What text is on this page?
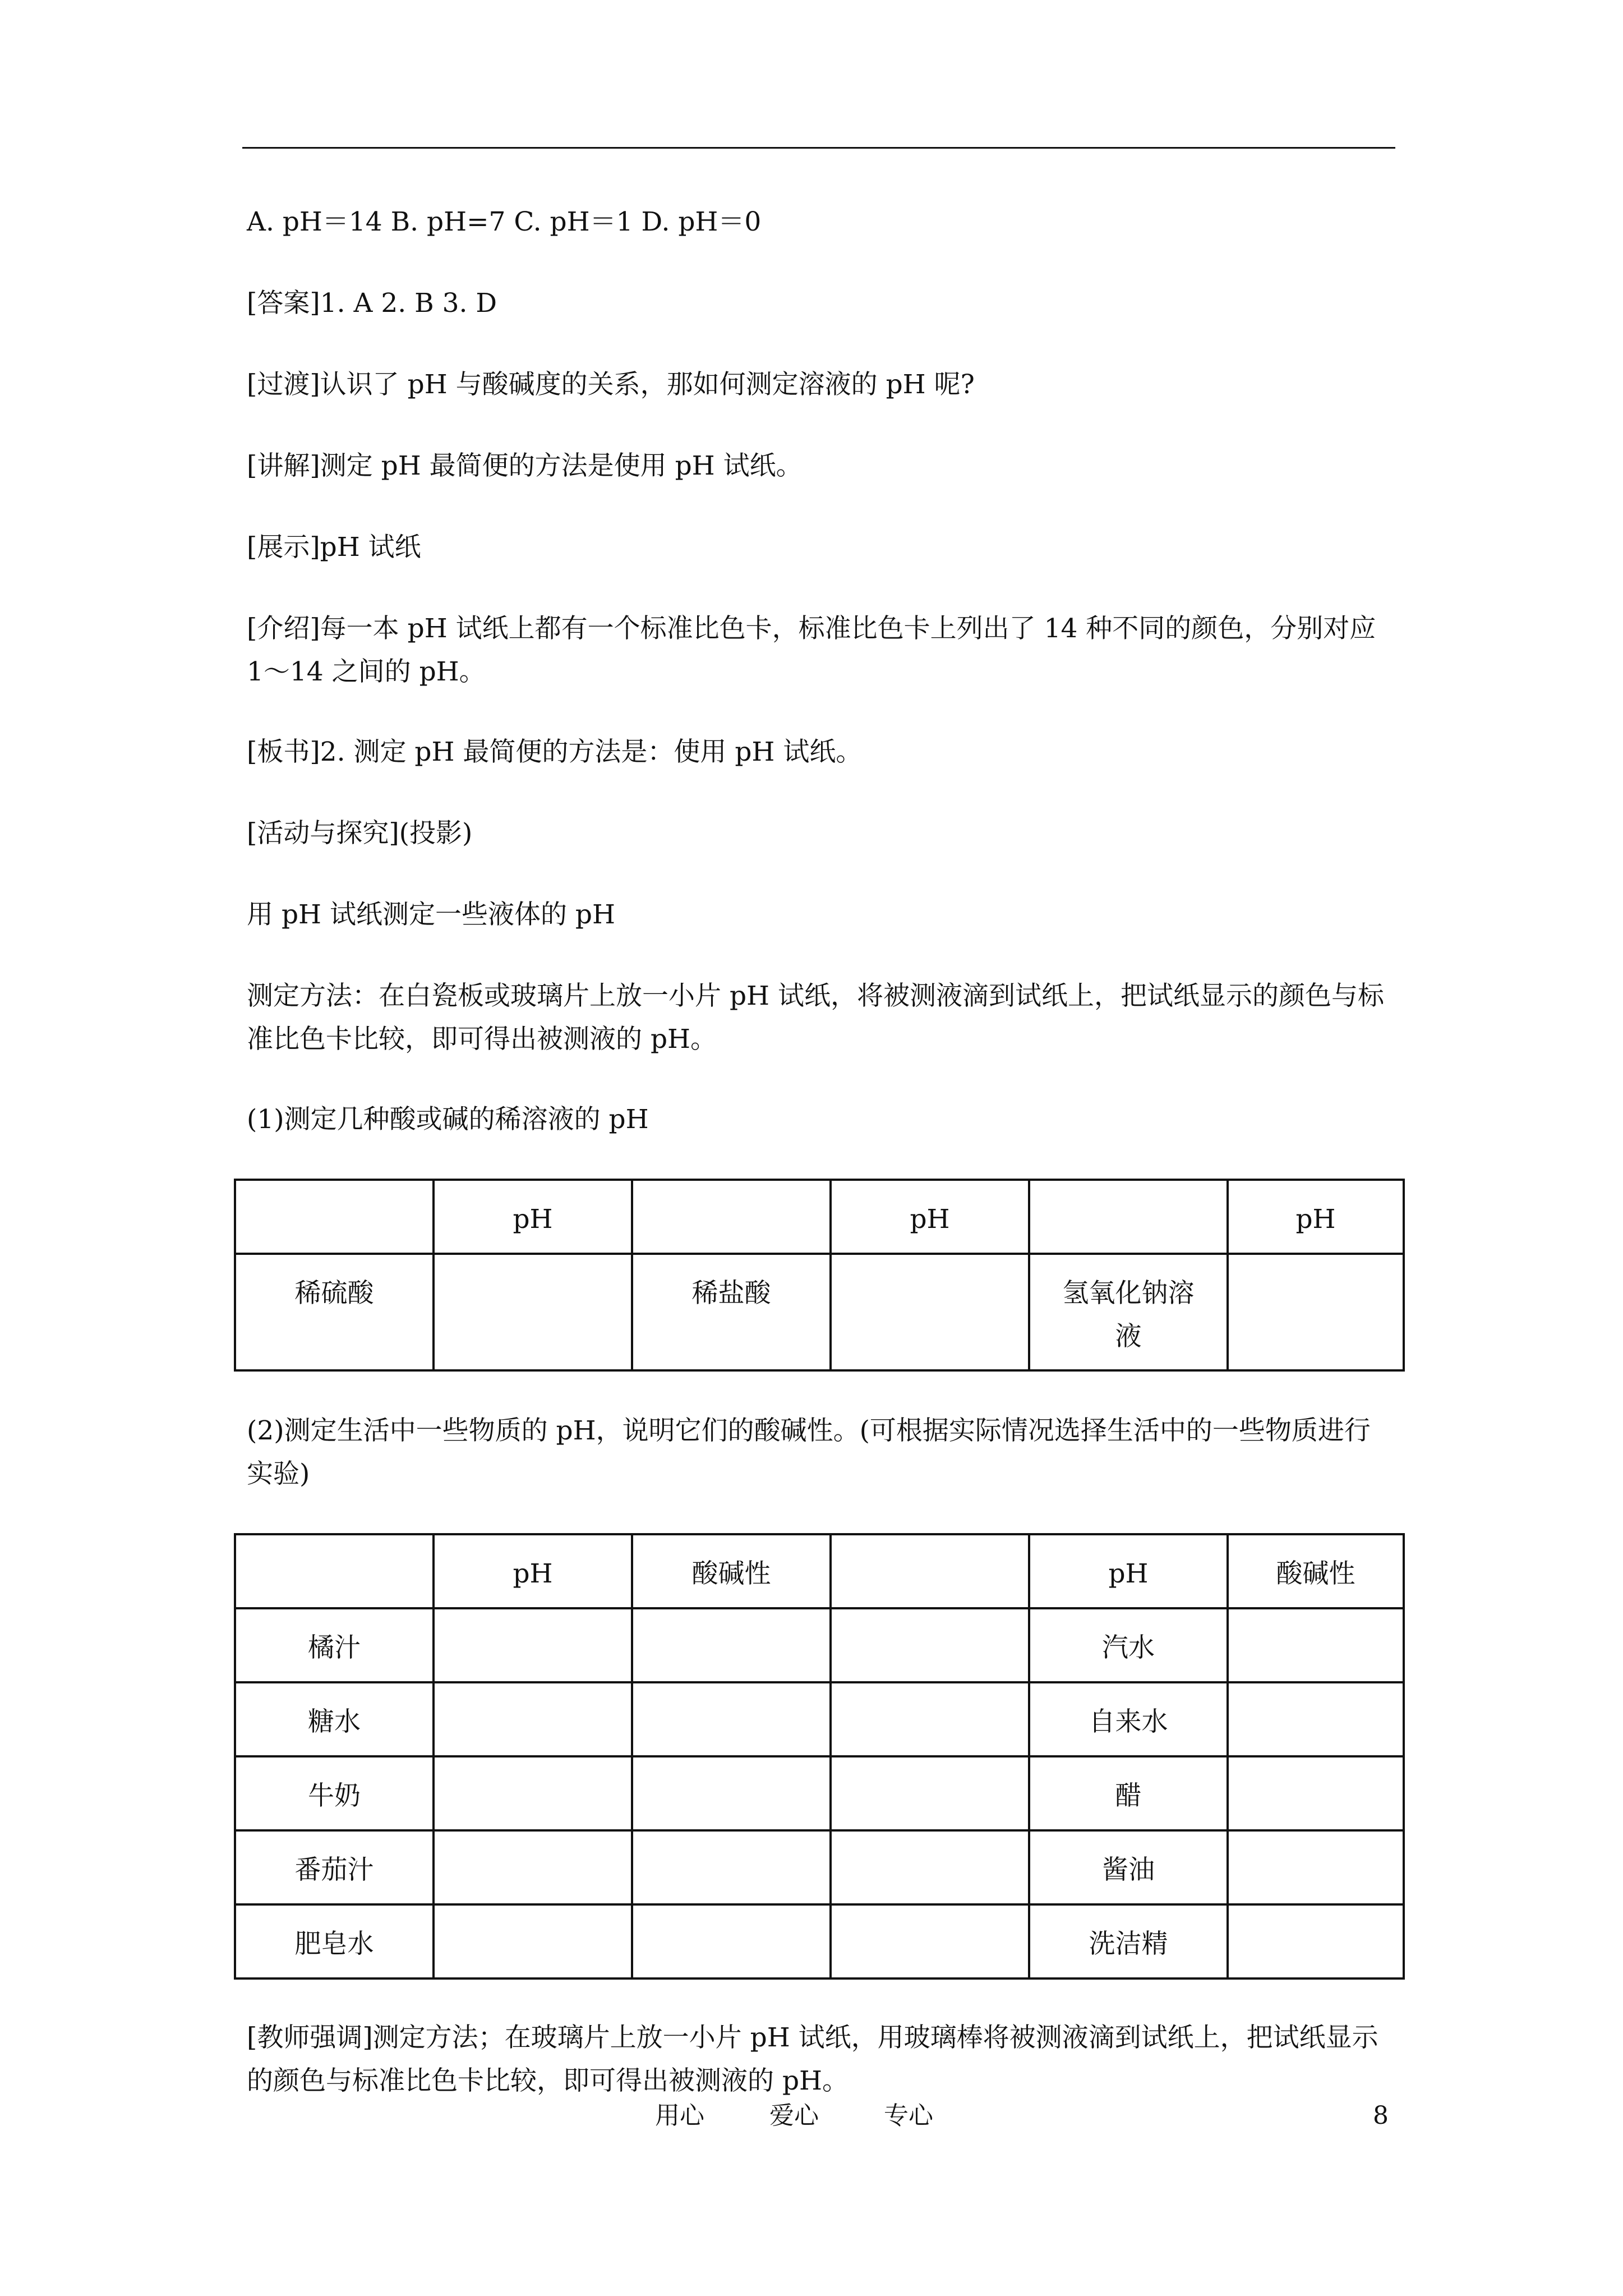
A. pH＝14 B. pH=7 C. pH＝1 D. pH＝0

[答案]1. A 2. B 3. D

[过渡]认识了 pH 与酸碱度的关系，那如何测定溶液的 pH 呢?

[讲解]测定 pH 最简便的方法是使用 pH 试纸。

[展示]pH 试纸

[介绍]每一本 pH 试纸上都有一个标准比色卡，标准比色卡上列出了 14 种不同的颜色，分别对应 1～14 之间的 pH。

[板书]2. 测定 pH 最简便的方法是：使用 pH 试纸。

[活动与探究](投影)

用 pH 试纸测定一些液体的 pH

测定方法：在白瓷板或玻璃片上放一小片 pH 试纸，将被测液滴到试纸上，把试纸显示的颜色与标准比色卡比较，即可得出被测液的 pH。

(1)测定几种酸或碱的稀溶液的 pH

	pH		pH		pH
稀硫酸		稀盐酸		氢氧化钠溶液	

(2)测定生活中一些物质的 pH，说明它们的酸碱性。(可根据实际情况选择生活中的一些物质进行实验)

	pH	酸碱性		pH	酸碱性
橘汁				汽水	
糖水				自来水	
牛奶				醋	
番茄汁				酱油	
肥皂水				洗洁精	

[教师强调]测定方法；在玻璃片上放一小片 pH 试纸，用玻璃棒将被测液滴到试纸上，把试纸显示的颜色与标准比色卡比较，即可得出被测液的 pH。

用心	爱心	专心	8
